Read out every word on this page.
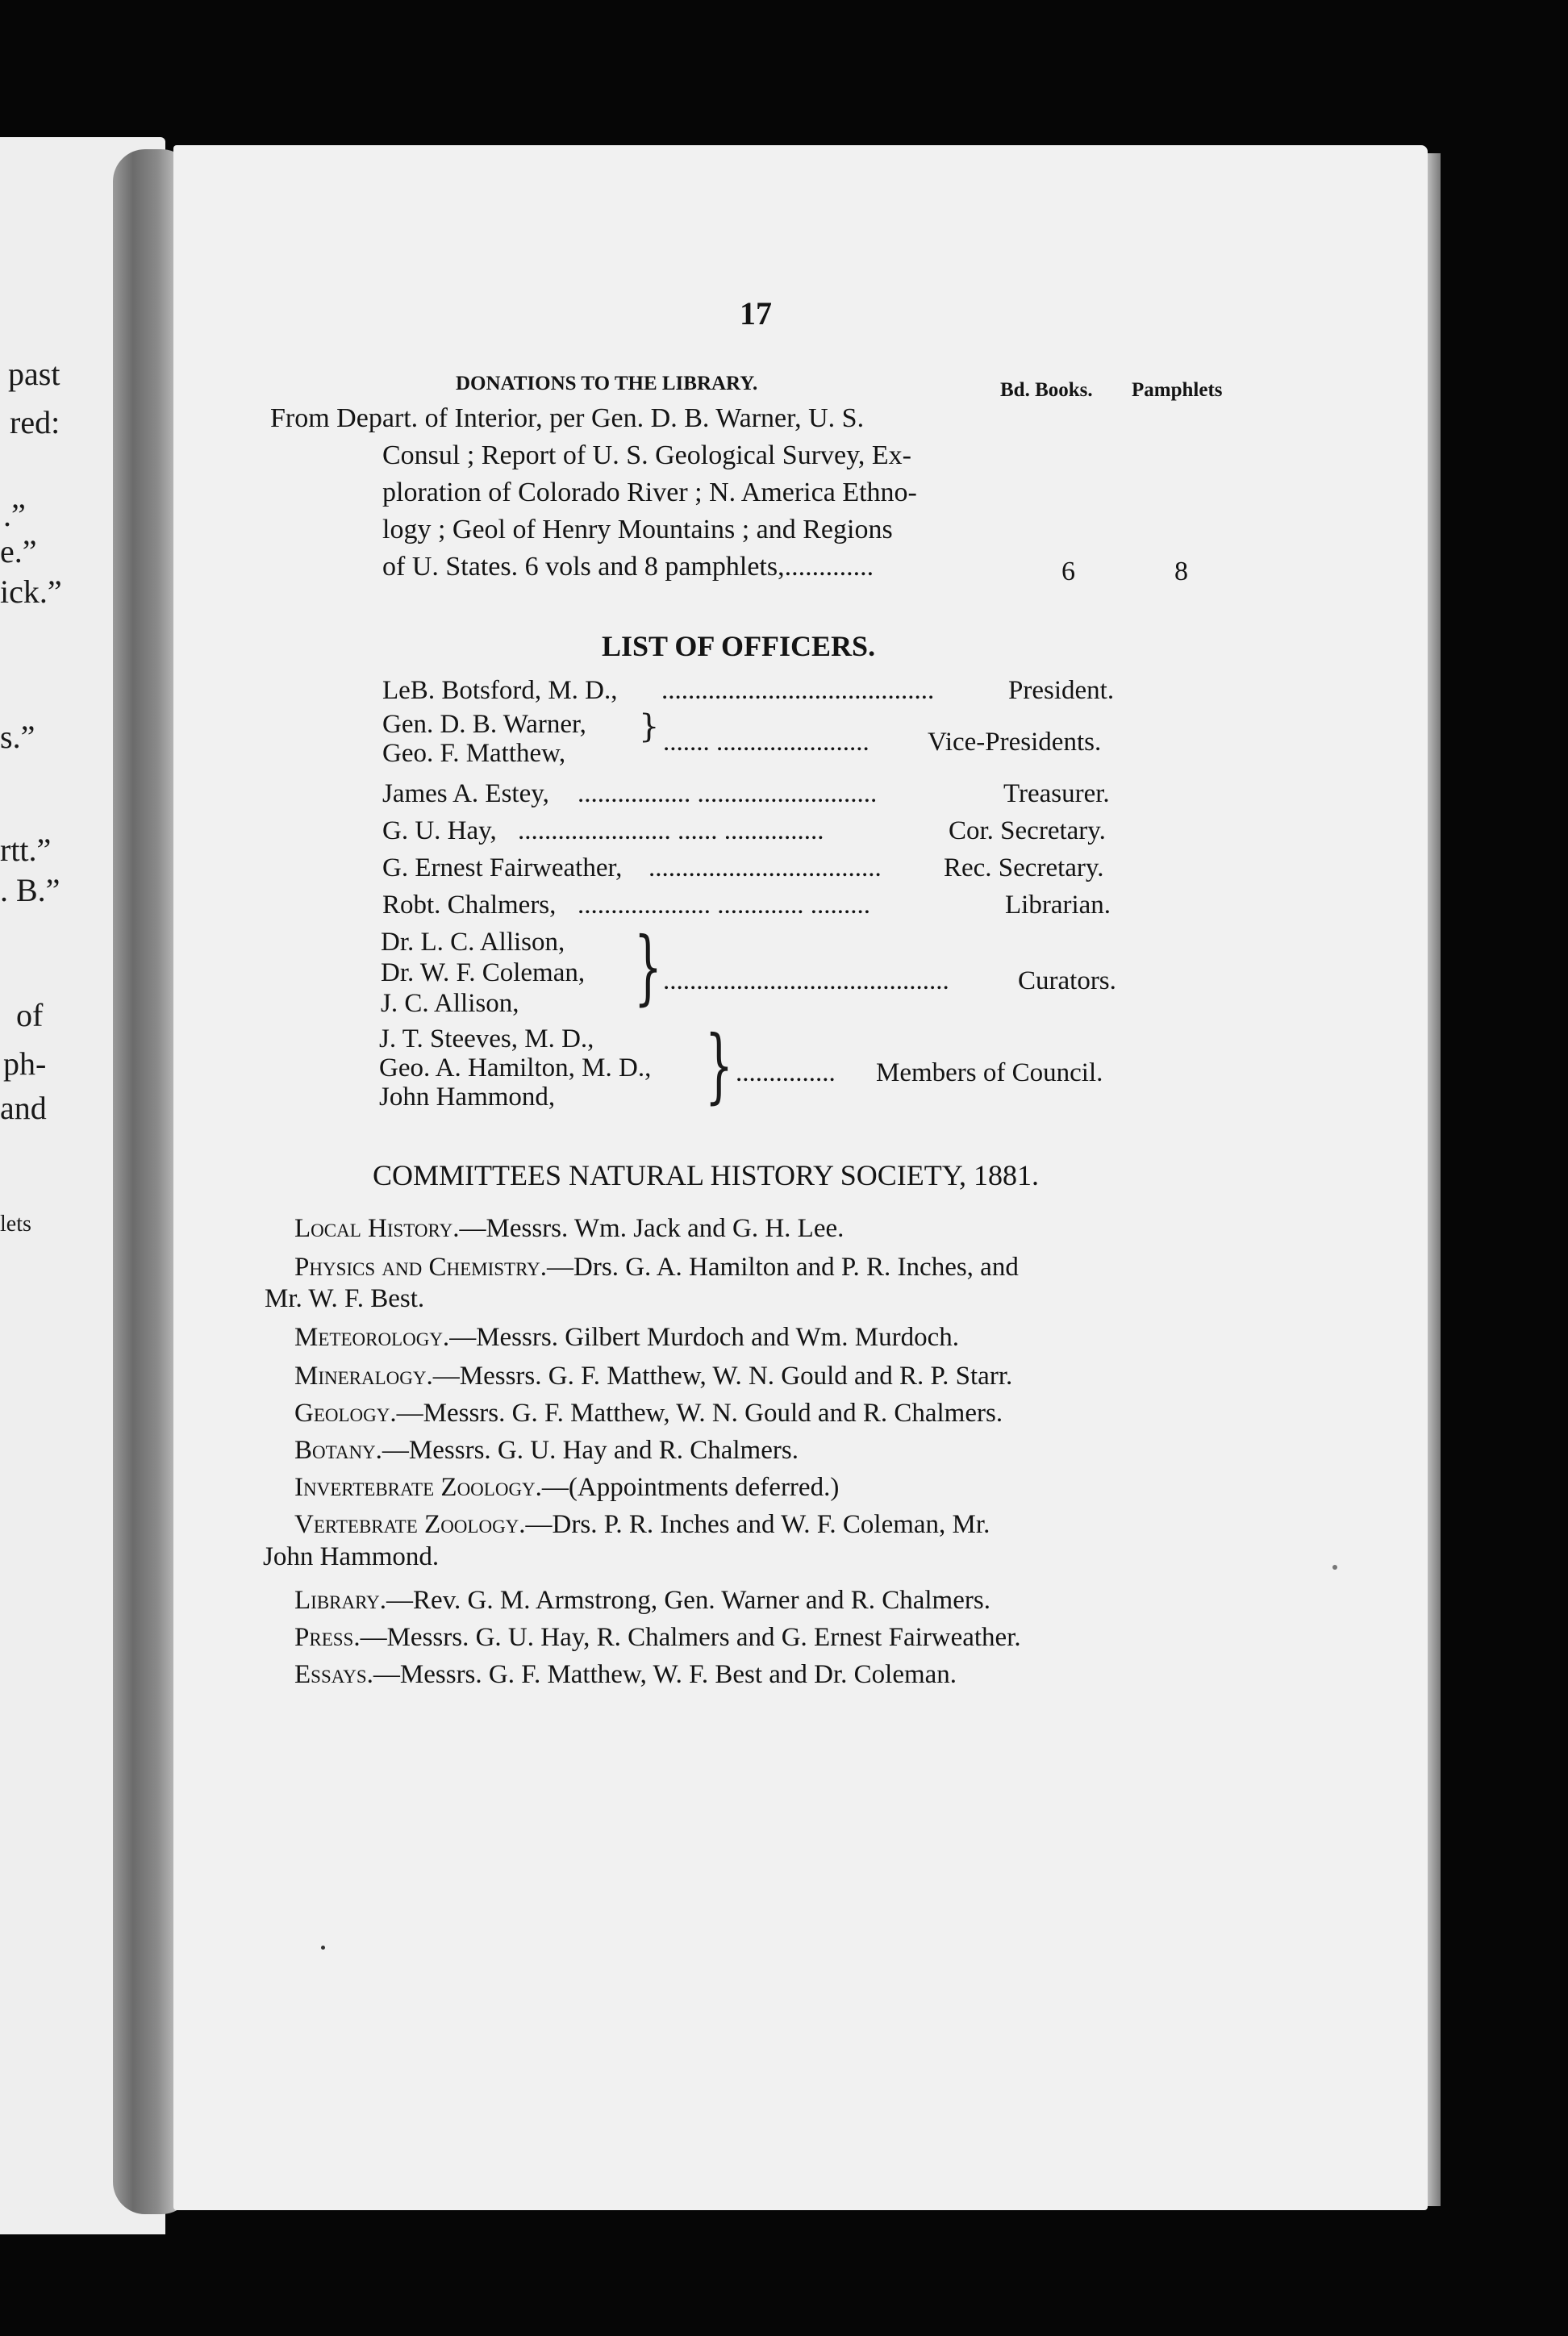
past
red:
.”
e.”
ick.”
s.”
rtt.”
. B.”
of
ph-
and
lets
17
DONATIONS TO THE LIBRARY.	Bd. Books. Pamphlets
From Depart. of Interior, per Gen. D. B. Warner, U. S.
Consul ; Report of U. S. Geological Survey, Ex-
ploration of Colorado River ; N. America Ethno-
logy ; Geol of Henry Mountains ; and Regions
of U. States. 6 vols and 8 pamphlets,.............	6	8
LIST OF OFFICERS.
LeB. Botsford, M. D., .........................................	President.
Gen. D. B. Warner,
Geo. F. Matthew,
} ....... ....................... Vice-Presidents.
James A. Estey, ................. ...........................	Treasurer.
G. U. Hay, ....................... ...... ...............	Cor. Secretary.
G. Ernest Fairweather, ................................... Rec. Secretary.
Robt. Chalmers, .................... ............. .........	Librarian.
Dr. L. C. Allison,
Dr. W. F. Coleman,
J. C. Allison, } ...........................................	Curators.
J. T. Steeves, M. D.,
Geo. A. Hamilton, M. D.,
John Hammond, } ............... Members of Council.
COMMITTEES NATURAL HISTORY SOCIETY, 1881.
Local History.—Messrs. Wm. Jack and G. H. Lee.
Physics and Chemistry.—Drs. G. A. Hamilton and P. R. Inches, and
Mr. W. F. Best.
Meteorology.—Messrs. Gilbert Murdoch and Wm. Murdoch.
Mineralogy.—Messrs. G. F. Matthew, W. N. Gould and R. P. Starr.
Geology.—Messrs. G. F. Matthew, W. N. Gould and R. Chalmers.
Botany.—Messrs. G. U. Hay and R. Chalmers.
Invertebrate Zoology.—(Appointments deferred.)
Vertebrate Zoology.—Drs. P. R. Inches and W. F. Coleman, Mr.
John Hammond.
Library.—Rev. G. M. Armstrong, Gen. Warner and R. Chalmers.
Press.—Messrs. G. U. Hay, R. Chalmers and G. Ernest Fairweather.
Essays.—Messrs. G. F. Matthew, W. F. Best and Dr. Coleman.
